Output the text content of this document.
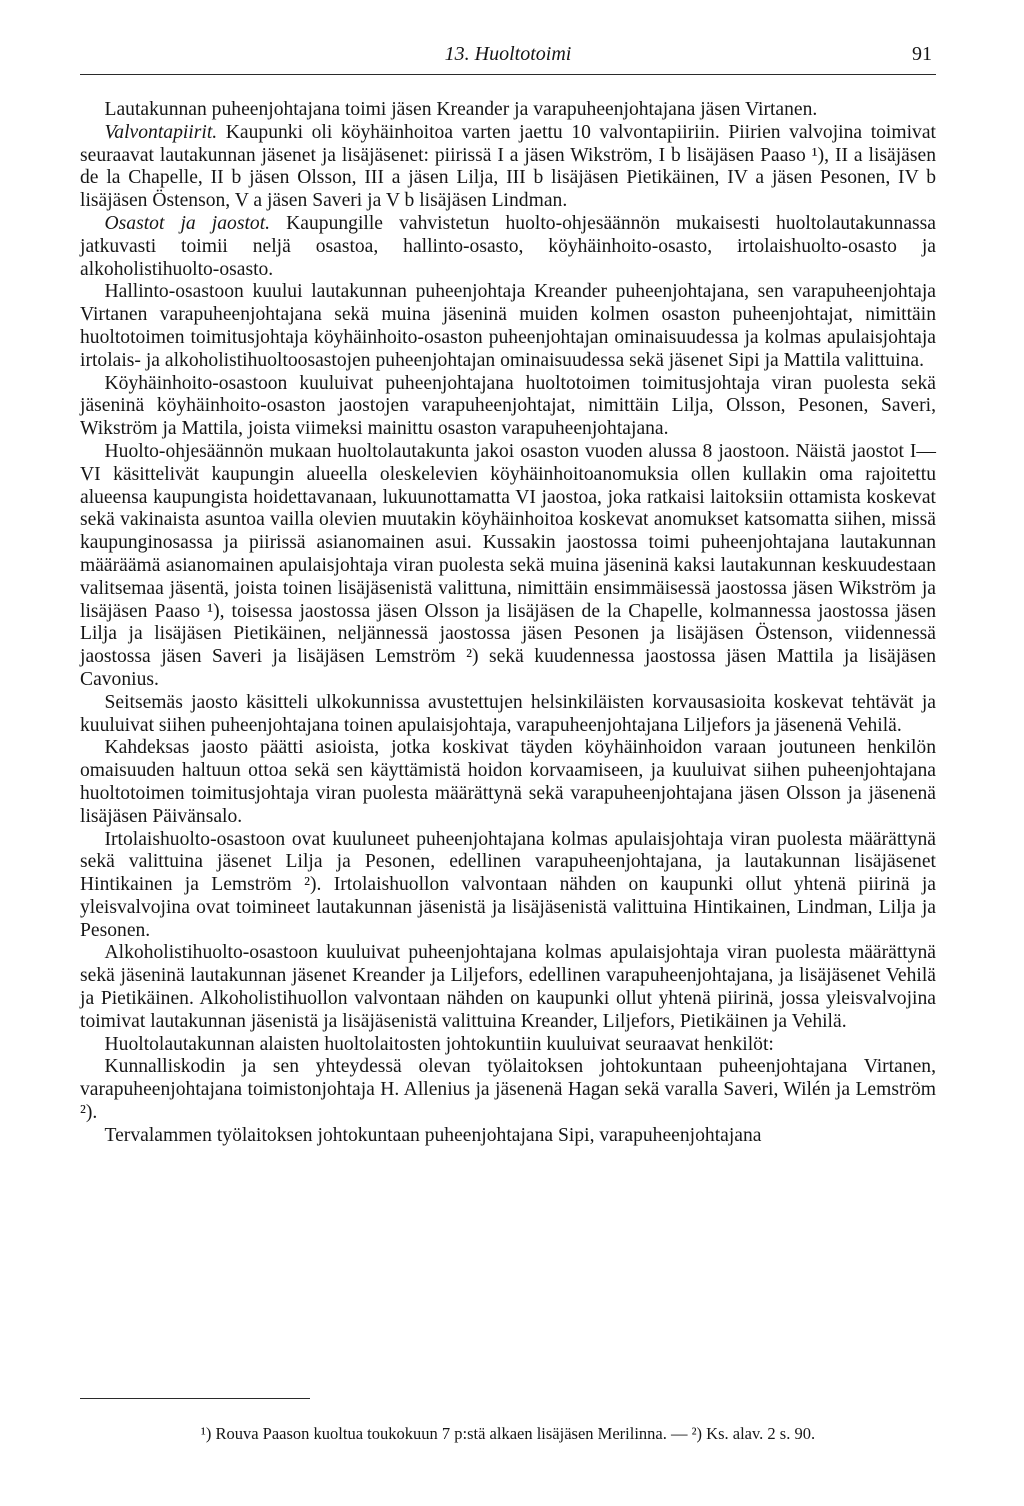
13. Huoltotoimi	91

Lautakunnan puheenjohtajana toimi jäsen Kreander ja varapuheenjohtajana jäsen Virtanen.

Valvontapiirit. Kaupunki oli köyhäinhoitoa varten jaettu 10 valvontapiiriin. Piirien valvojina toimivat seuraavat lautakunnan jäsenet ja lisäjäsenet: piirissä I a jäsen Wikström, I b lisäjäsen Paaso ¹), II a lisäjäsen de la Chapelle, II b jäsen Olsson, III a jäsen Lilja, III b lisäjäsen Pietikäinen, IV a jäsen Pesonen, IV b lisäjäsen Östenson, V a jäsen Saveri ja V b lisäjäsen Lindman.

Osastot ja jaostot. Kaupungille vahvistetun huolto-ohjesäännön mukaisesti huoltolautakunnassa jatkuvasti toimii neljä osastoa, hallinto-osasto, köyhäinhoito-osasto, irtolaishuolto-osasto ja alkoholistihuolto-osasto.

Hallinto-osastoon kuului lautakunnan puheenjohtaja Kreander puheenjohtajana, sen varapuheenjohtaja Virtanen varapuheenjohtajana sekä muina jäseninä muiden kolmen osaston puheenjohtajat, nimittäin huoltotoimen toimitusjohtaja köyhäinhoito-osaston puheenjohtajan ominaisuudessa ja kolmas apulaisjohtaja irtolais- ja alkoholistihuoltoosastojen puheenjohtajan ominaisuudessa sekä jäsenet Sipi ja Mattila valittuina.

Köyhäinhoito-osastoon kuuluivat puheenjohtajana huoltotoimen toimitusjohtaja viran puolesta sekä jäseninä köyhäinhoito-osaston jaostojen varapuheenjohtajat, nimittäin Lilja, Olsson, Pesonen, Saveri, Wikström ja Mattila, joista viimeksi mainittu osaston varapuheenjohtajana.

Huolto-ohjesäännön mukaan huoltolautakunta jakoi osaston vuoden alussa 8 jaostoon. Näistä jaostot I—VI käsittelivät kaupungin alueella oleskelevien köyhäinhoitoanomuksia ollen kullakin oma rajoitettu alueensa kaupungista hoidettavanaan, lukuunottamatta VI jaostoa, joka ratkaisi laitoksiin ottamista koskevat sekä vakinaista asuntoa vailla olevien muutakin köyhäinhoitoa koskevat anomukset katsomatta siihen, missä kaupunginosassa ja piirissä asianomainen asui. Kussakin jaostossa toimi puheenjohtajana lautakunnan määräämä asianomainen apulaisjohtaja viran puolesta sekä muina jäseninä kaksi lautakunnan keskuudestaan valitsemaa jäsentä, joista toinen lisäjäsenistä valittuna, nimittäin ensimmäisessä jaostossa jäsen Wikström ja lisäjäsen Paaso ¹), toisessa jaostossa jäsen Olsson ja lisäjäsen de la Chapelle, kolmannessa jaostossa jäsen Lilja ja lisäjäsen Pietikäinen, neljännessä jaostossa jäsen Pesonen ja lisäjäsen Östenson, viidennessä jaostossa jäsen Saveri ja lisäjäsen Lemström ²) sekä kuudennessa jaostossa jäsen Mattila ja lisäjäsen Cavonius.

Seitsemäs jaosto käsitteli ulkokunnissa avustettujen helsinkiläisten korvausasioita koskevat tehtävät ja kuuluivat siihen puheenjohtajana toinen apulaisjohtaja, varapuheenjohtajana Liljefors ja jäsenenä Vehilä.

Kahdeksas jaosto päätti asioista, jotka koskivat täyden köyhäinhoidon varaan joutuneen henkilön omaisuuden haltuun ottoa sekä sen käyttämistä hoidon korvaamiseen, ja kuuluivat siihen puheenjohtajana huoltotoimen toimitusjohtaja viran puolesta määrättynä sekä varapuheenjohtajana jäsen Olsson ja jäsenenä lisäjäsen Päivänsalo.

Irtolaishuolto-osastoon ovat kuuluneet puheenjohtajana kolmas apulaisjohtaja viran puolesta määrättynä sekä valittuina jäsenet Lilja ja Pesonen, edellinen varapuheenjohtajana, ja lautakunnan lisäjäsenet Hintikainen ja Lemström ²). Irtolaishuollon valvontaan nähden on kaupunki ollut yhtenä piirinä ja yleisvalvojina ovat toimineet lautakunnan jäsenistä ja lisäjäsenistä valittuina Hintikainen, Lindman, Lilja ja Pesonen.

Alkoholistihuolto-osastoon kuuluivat puheenjohtajana kolmas apulaisjohtaja viran puolesta määrättynä sekä jäseninä lautakunnan jäsenet Kreander ja Liljefors, edellinen varapuheenjohtajana, ja lisäjäsenet Vehilä ja Pietikäinen. Alkoholistihuollon valvontaan nähden on kaupunki ollut yhtenä piirinä, jossa yleisvalvojina toimivat lautakunnan jäsenistä ja lisäjäsenistä valittuina Kreander, Liljefors, Pietikäinen ja Vehilä.

Huoltolautakunnan alaisten huoltolaitosten johtokuntiin kuuluivat seuraavat henkilöt:

Kunnalliskodin ja sen yhteydessä olevan työlaitoksen johtokuntaan puheenjohtajana Virtanen, varapuheenjohtajana toimistonjohtaja H. Allenius ja jäsenenä Hagan sekä varalla Saveri, Wilén ja Lemström ²).

Tervalammen työlaitoksen johtokuntaan puheenjohtajana Sipi, varapuheenjohtajana

¹) Rouva Paason kuoltua toukokuun 7 p:stä alkaen lisäjäsen Merilinna. — ²) Ks. alav. 2 s. 90.
